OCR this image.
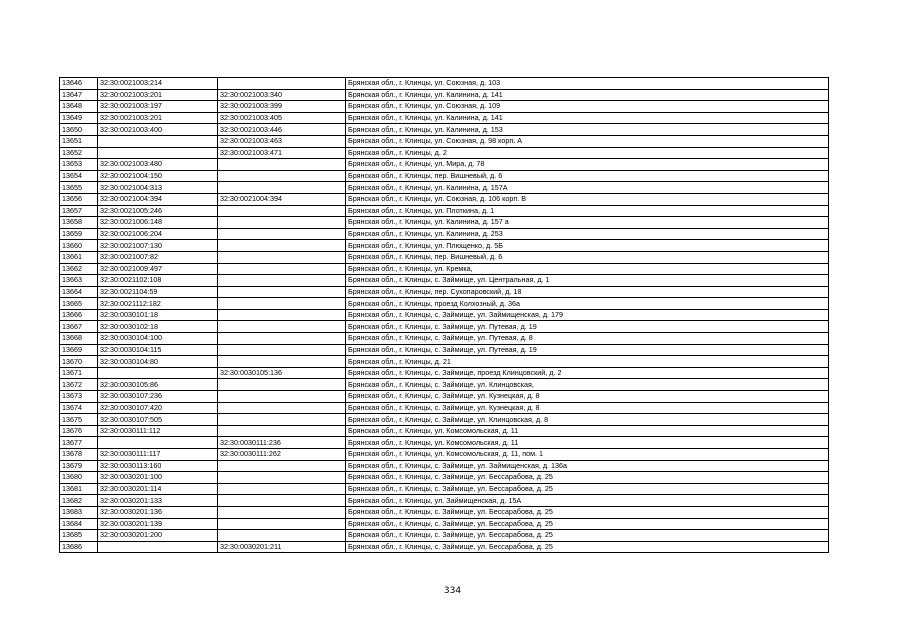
13646	32:30:0021003:214		Брянская обл., г. Клинцы, ул. Союзная, д. 103
13647	32:30:0021003:201	32:30:0021003:340	Брянская обл., г. Клинцы, ул. Калинина, д. 141
13648	32:30:0021003:197	32:30:0021003:399	Брянская обл., г. Клинцы, ул. Союзная, д. 109
13649	32:30:0021003:201	32:30:0021003:405	Брянская обл., г. Клинцы, ул. Калинина, д. 141
13650	32:30:0021003:400	32:30:0021003:446	Брянская обл., г. Клинцы, ул. Калинина, д. 153
13651		32:30:0021003:463	Брянская обл., г. Клинцы, ул. Союзная, д. 98 корп. А
13652		32:30:0021003:471	Брянская обл., г. Клинцы, д. 2
13653	32:30:0021003:480		Брянская обл., г. Клинцы, ул. Мира, д. 78
13654	32:30:0021004:150		Брянская обл., г. Клинцы, пер. Вишневый, д. 6
13655	32:30:0021004:313		Брянская обл., г. Клинцы, ул. Калинина, д. 157А
13656	32:30:0021004:394	32:30:0021004:394	Брянская обл., г. Клинцы, ул. Союзная, д. 106 корп. В
13657	32:30:0021005:246		Брянская обл., г. Клинцы, ул. Плоткина, д. 1
13658	32:30:0021006:148		Брянская обл., г. Клинцы, ул. Калинина, д. 157 а
13659	32:30:0021006:204		Брянская обл., г. Клинцы, ул. Калинина, д. 253
13660	32:30:0021007:130		Брянская обл., г. Клинцы, ул. Плющенко, д. 5Б
13661	32:30:0021007:82		Брянская обл., г. Клинцы, пер. Вишневый, д. 6
13662	32:30:0021009:497		Брянская обл., г. Клинцы, ул. Кремка,
13663	32:30:0021102:108		Брянская обл., г. Клинцы, с. Займище, ул. Центральная, д. 1
13664	32:30:0021104:59		Брянская обл., г. Клинцы, пер. Сухопаровский, д. 18
13665	32:30:0021112:182		Брянская обл., г. Клинцы, проезд Колхозный, д. 36а
13666	32:30:0030101:18		Брянская обл., г. Клинцы, с. Займище, ул. Займищенская, д. 179
13667	32:30:0030102:18		Брянская обл., г. Клинцы, с. Займище, ул. Путевая, д. 19
13668	32:30:0030104:100		Брянская обл., г. Клинцы, с. Займище, ул. Путевая, д. 8
13669	32:30:0030104:115		Брянская обл., г. Клинцы, с. Займище, ул. Путевая, д. 19
13670	32:30:0030104:80		Брянская обл., г. Клинцы, д. 21
13671		32:30:0030105:136	Брянская обл., г. Клинцы, с. Займище, проезд Клинцовский, д. 2
13672	32:30:0030105:86		Брянская обл., г. Клинцы, с. Займище, ул. Клинцовская,
13673	32:30:0030107:236		Брянская обл., г. Клинцы, с. Займище, ул. Кузнецкая, д. 8
13674	32:30:0030107:420		Брянская обл., г. Клинцы, с. Займище, ул. Кузнецкая, д. 8
13675	32:30:0030107:505		Брянская обл., г. Клинцы, с. Займище, ул. Клинцовская, д. 8
13676	32:30:0030111:112		Брянская обл., г. Клинцы, ул. Комсомольская, д. 11
13677		32:30:0030111:236	Брянская обл., г. Клинцы, ул. Комсомольская, д. 11
13678	32:30:0030111:117	32:30:0030111:262	Брянская обл., г. Клинцы, ул. Комсомольская, д. 11, пом. 1
13679	32:30:0030113:160		Брянская обл., г. Клинцы, с. Займище, ул. Займищенская, д. 136а
13680	32:30:0030201:100		Брянская обл., г. Клинцы, с. Займище, ул. Бессарабова, д. 25
13681	32:30:0030201:114		Брянская обл., г. Клинцы, с. Займище, ул. Бессарабова, д. 25
13682	32:30:0030201:133		Брянская обл., г. Клинцы, ул. Займищенская, д. 15А
13683	32:30:0030201:136		Брянская обл., г. Клинцы, с. Займище, ул. Бессарабова, д. 25
13684	32:30:0030201:139		Брянская обл., г. Клинцы, с. Займище, ул. Бессарабова, д. 25
13685	32:30:0030201:200		Брянская обл., г. Клинцы, с. Займище, ул. Бессарабова, д. 25
13686		32:30:0030201:211	Брянская обл., г. Клинцы, с. Займище, ул. Бессарабова, д. 25
334
